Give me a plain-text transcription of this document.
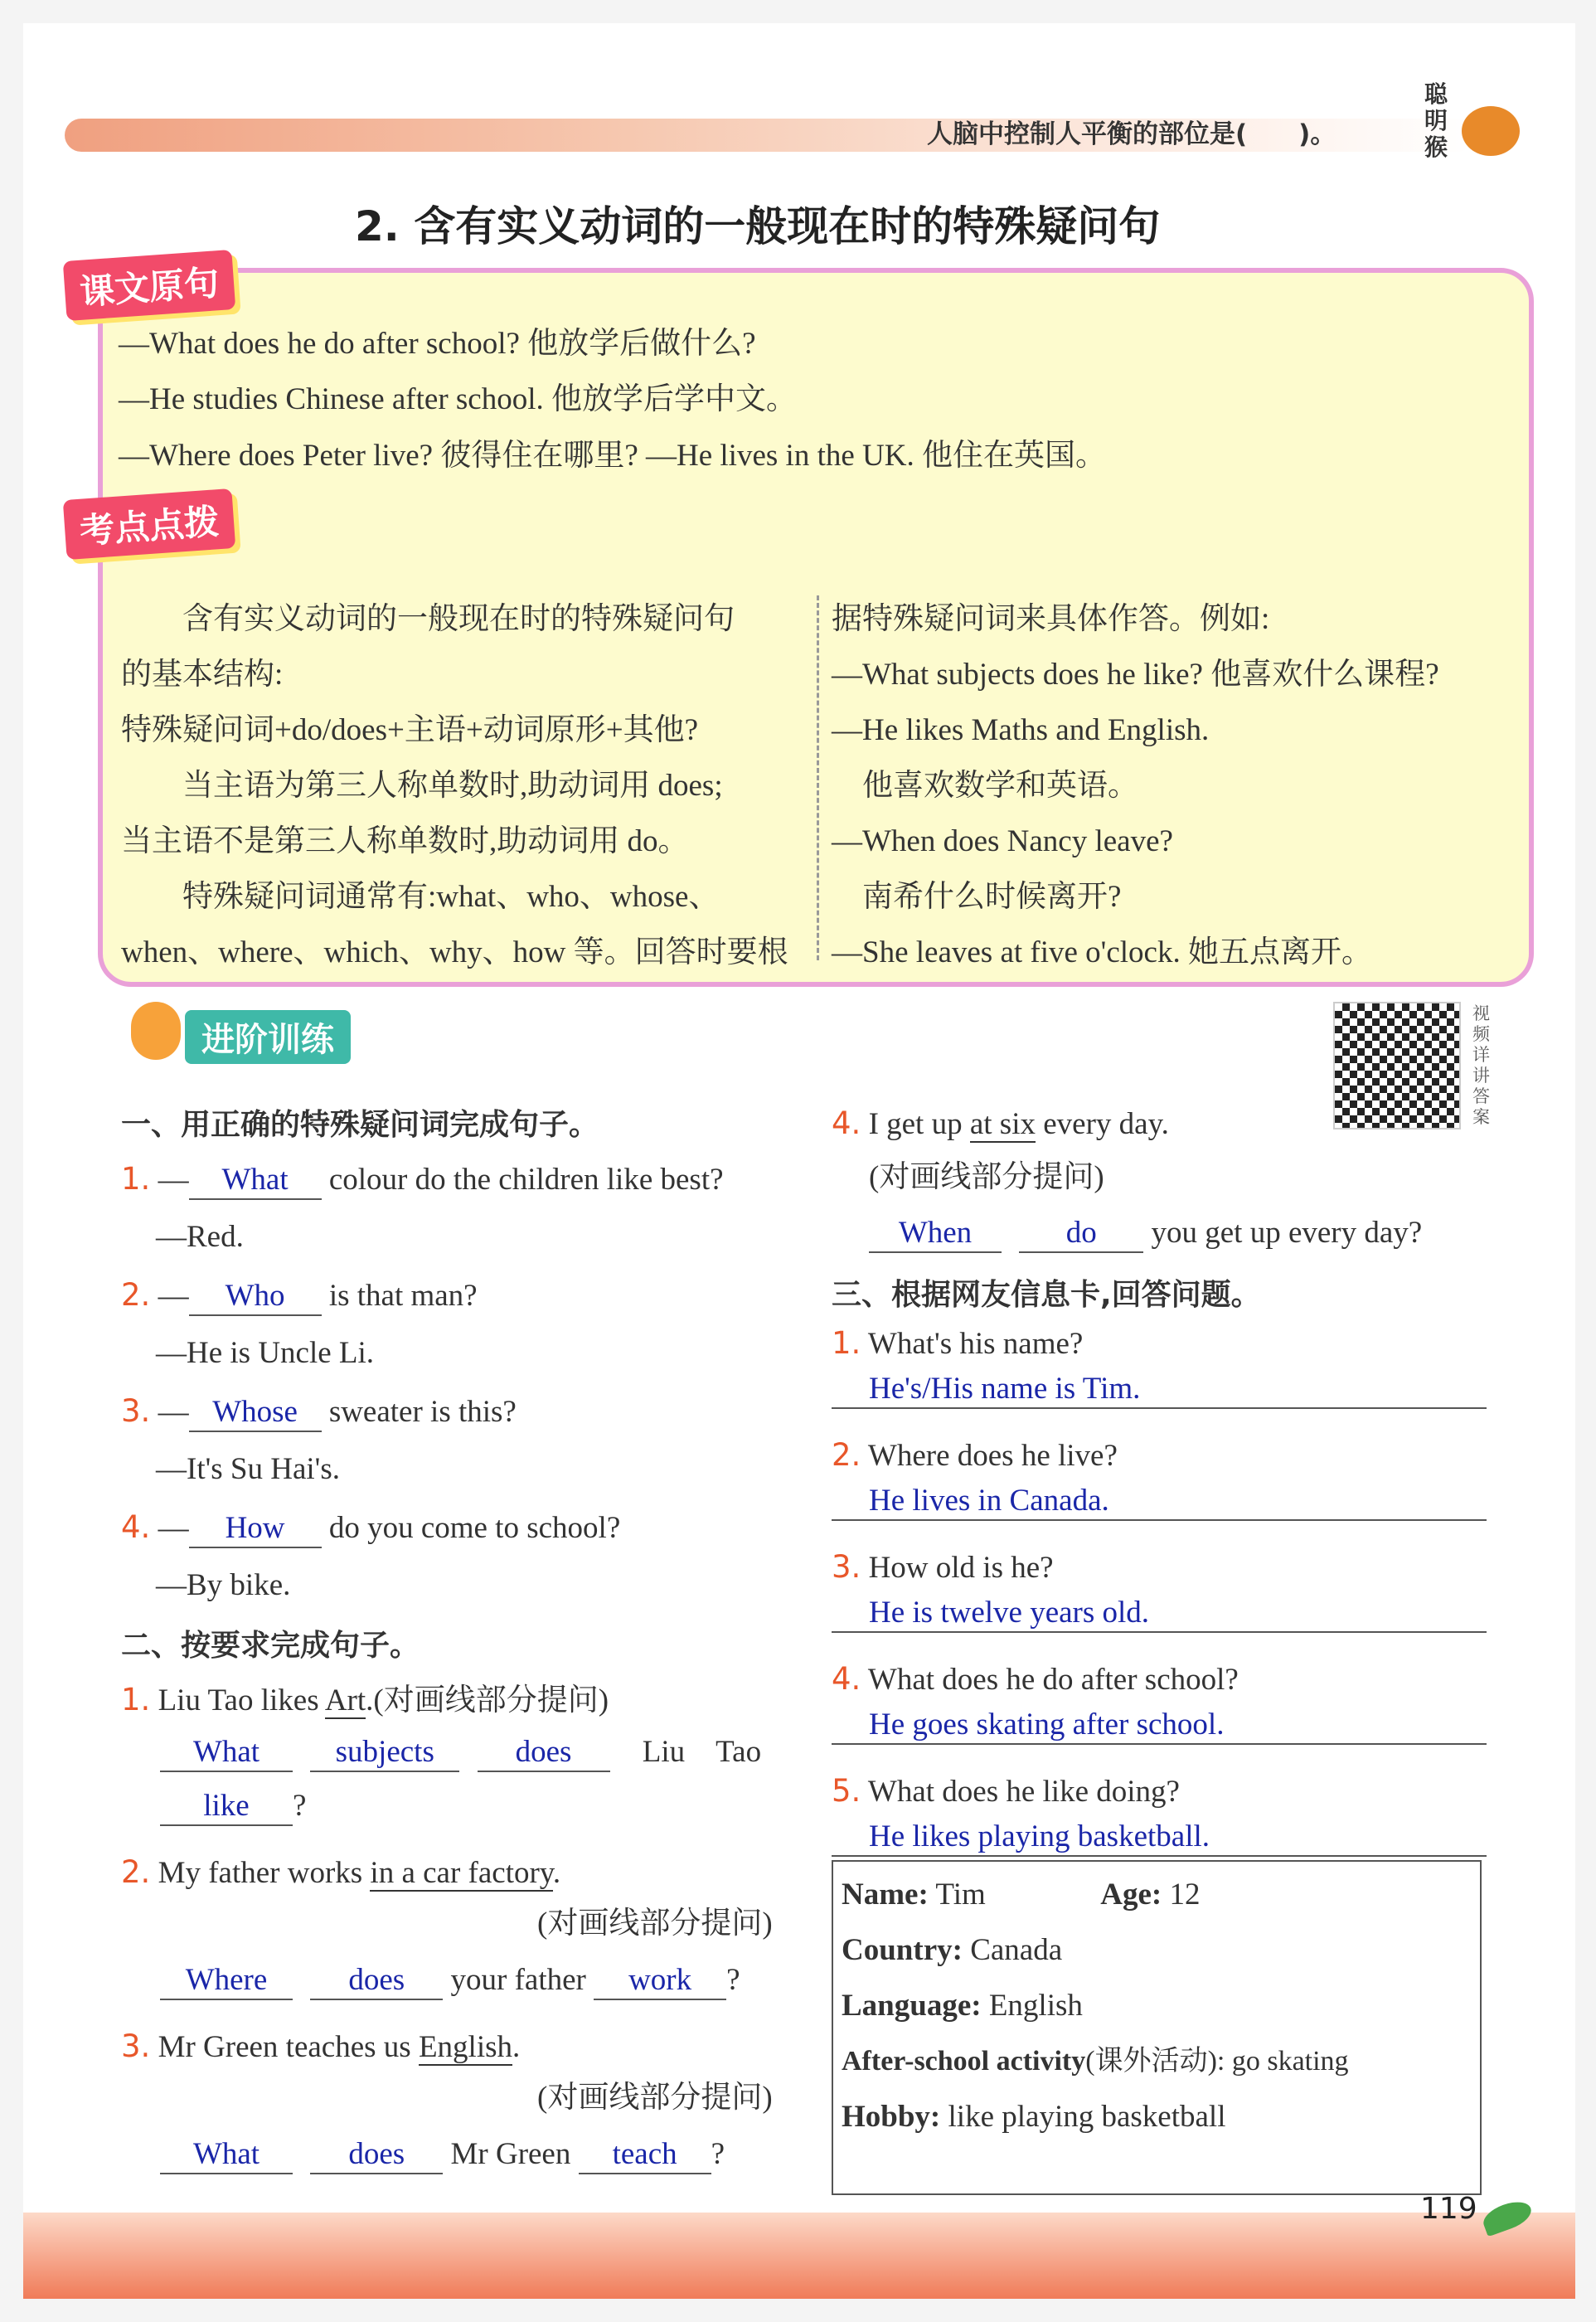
人脑中控制人平衡的部位是(　　)。
聪明猴
2. 含有实义动词的一般现在时的特殊疑问句
课文原句
—What does he do after school? 他放学后做什么?
—He studies Chinese after school. 他放学后学中文。
—Where does Peter live? 彼得住在哪里? —He lives in the UK. 他住在英国。
考点点拨
　　含有实义动词的一般现在时的特殊疑问句
的基本结构:
特殊疑问词+do/does+主语+动词原形+其他?
　　当主语为第三人称单数时,助动词用 does;
当主语不是第三人称单数时,助动词用 do。
　　特殊疑问词通常有:what、who、whose、
when、where、which、why、how 等。回答时要根
据特殊疑问词来具体作答。例如:
—What subjects does he like? 他喜欢什么课程?
—He likes Maths and English.
　他喜欢数学和英语。
—When does Nancy leave?
　南希什么时候离开?
—She leaves at five o'clock. 她五点离开。
进阶训练
视频详讲答案
一、用正确的特殊疑问词完成句子。
1. — What colour do the children like best?
—Red.
2. — Who is that man?
—He is Uncle Li.
3. — Whose sweater is this?
—It's Su Hai's.
4. — How do you come to school?
—By bike.
二、按要求完成句子。
1. Liu Tao likes Art.(对画线部分提问)
What subjects	does Liu　Tao
like ?
2. My father works in a car factory.
(对画线部分提问)
Where	does your father work ?
3. Mr Green teaches us English.
(对画线部分提问)
What	does Mr Green teach ?
4. I get up at six every day.
(对画线部分提问)
When	do you get up every day?
三、根据网友信息卡,回答问题。
1. What's his name?
He's/His name is Tim.
2. Where does he live?
He lives in Canada.
3. How old is he?
He is twelve years old.
4. What does he do after school?
He goes skating after school.
5. What does he like doing?
He likes playing basketball.
Name: Tim	Age: 12
Country: Canada
Language: English
After-school activity(课外活动): go skating
Hobby: like playing basketball
119
